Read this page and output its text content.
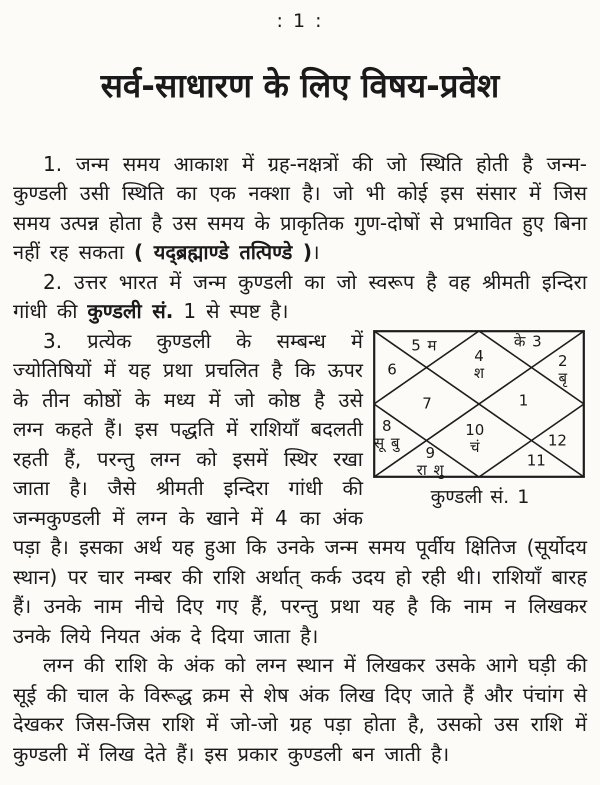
: 1 :
सर्व-साधारण के लिए विषय-प्रवेश

1. जन्म समय आकाश में ग्रह-नक्षत्रों की जो स्थिति होती है जन्म-कुण्डली उसी स्थिति का एक नक्शा है। जो भी कोई इस संसार में जिस समय उत्पन्न होता है उस समय के प्राकृतिक गुण-दोषों से प्रभावित हुए बिना नहीं रह सकता ( यद्ब्रह्माण्डे तत्पिण्डे )।

2. उत्तर भारत में जन्म कुण्डली का जो स्वरूप है वह श्रीमती इन्दिरा गांधी की कुण्डली सं. 1 से स्पष्ट है।

4
श
5 म
6
7
8
सू बु
9
रा शु
10
चं
11
12
1
2
बृ
के 3
कुण्डली सं. 1

3. प्रत्येक कुण्डली के सम्बन्ध में ज्योतिषियों में यह प्रथा प्रचलित है कि ऊपर के तीन कोष्ठों के मध्य में जो कोष्ठ है उसे लग्न कहते हैं। इस पद्धति में राशियाँ बदलती रहती हैं, परन्तु लग्न को इसमें स्थिर रखा जाता है। जैसे श्रीमती इन्दिरा गांधी की जन्मकुण्डली में लग्न के खाने में 4 का अंक पड़ा है। इसका अर्थ यह हुआ कि उनके जन्म समय पूर्वीय क्षितिज (सूर्योदय स्थान) पर चार नम्बर की राशि अर्थात् कर्क उदय हो रही थी। राशियाँ बारह हैं। उनके नाम नीचे दिए गए हैं, परन्तु प्रथा यह है कि नाम न लिखकर उनके लिये नियत अंक दे दिया जाता है।

लग्न की राशि के अंक को लग्न स्थान में लिखकर उसके आगे घड़ी की सूई की चाल के विरूद्ध क्रम से शेष अंक लिख दिए जाते हैं और पंचांग से देखकर जिस-जिस राशि में जो-जो ग्रह पड़ा होता है, उसको उस राशि में कुण्डली में लिख देते हैं। इस प्रकार कुण्डली बन जाती है।
